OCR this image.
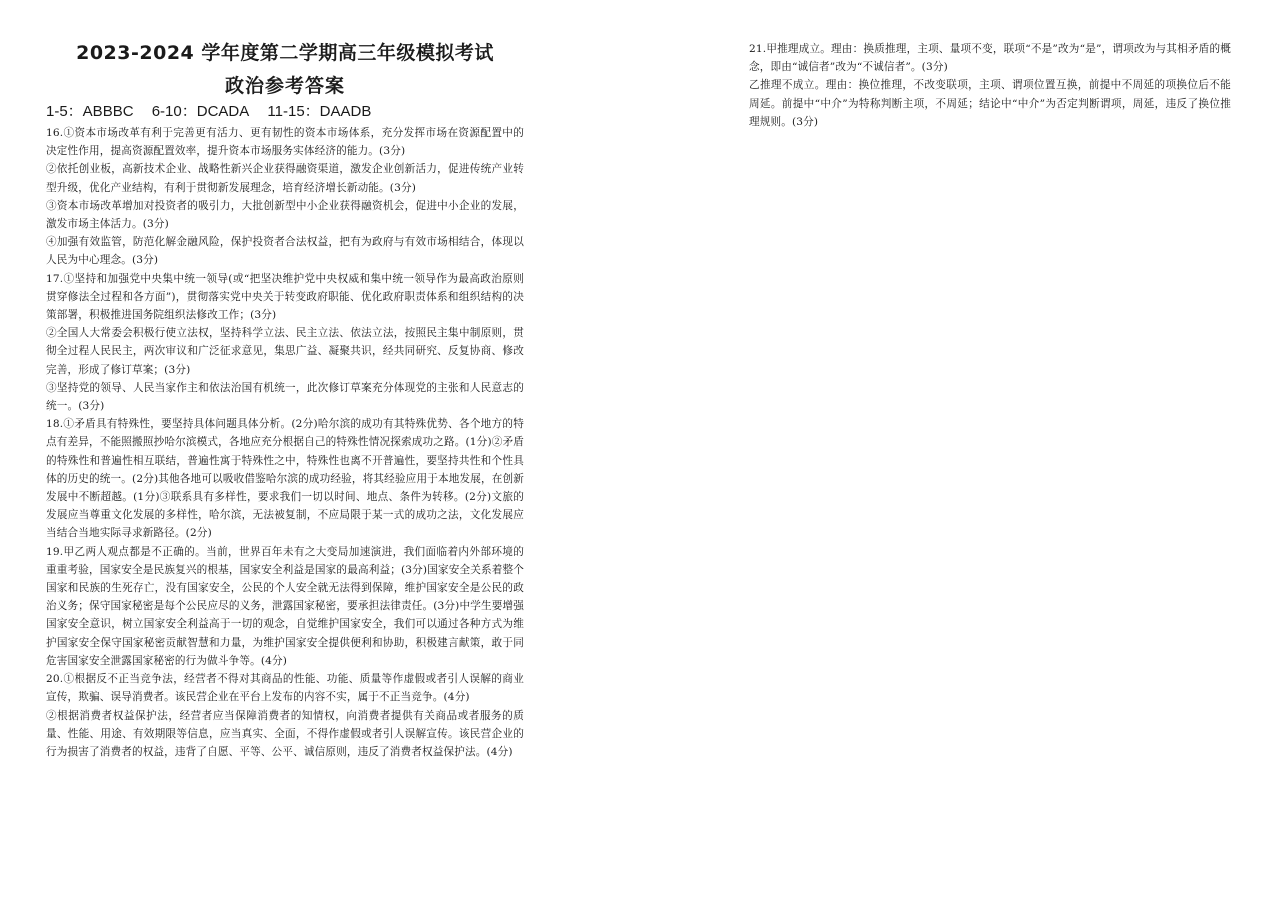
2023-2024 学年度第二学期高三年级模拟考试
政治参考答案
1-5：ABBBC 6-10：DCADA 11-15：DAADB

16.①资本市场改革有利于完善更有活力、更有韧性的资本市场体系，充分发挥市场在资源配置中的决定性作用，提高资源配置效率，提升资本市场服务实体经济的能力。(3分)

②依托创业板，高新技术企业、战略性新兴企业获得融资渠道，激发企业创新活力，促进传统产业转型升级，优化产业结构，有利于贯彻新发展理念，培育经济增长新动能。(3分)

③资本市场改革增加对投资者的吸引力，大批创新型中小企业获得融资机会，促进中小企业的发展，激发市场主体活力。(3分)

④加强有效监管，防范化解金融风险，保护投资者合法权益，把有为政府与有效市场相结合，体现以人民为中心理念。(3分)

17.①坚持和加强党中央集中统一领导(或“把坚决维护党中央权威和集中统一领导作为最高政治原则贯穿修法全过程和各方面”)，贯彻落实党中央关于转变政府职能、优化政府职责体系和组织结构的决策部署，积极推进国务院组织法修改工作；(3分)

②全国人大常委会积极行使立法权，坚持科学立法、民主立法、依法立法，按照民主集中制原则，贯彻全过程人民民主，两次审议和广泛征求意见，集思广益、凝聚共识，经共同研究、反复协商、修改完善，形成了修订草案；(3分)

③坚持党的领导、人民当家作主和依法治国有机统一，此次修订草案充分体现党的主张和人民意志的统一。(3分)

18.①矛盾具有特殊性，要坚持具体问题具体分析。(2分)哈尔滨的成功有其特殊优势、各个地方的特点有差异，不能照搬照抄哈尔滨模式，各地应充分根据自己的特殊性情况探索成功之路。(1分)②矛盾的特殊性和普遍性相互联结，普遍性寓于特殊性之中，特殊性也离不开普遍性，要坚持共性和个性具体的历史的统一。(2分)其他各地可以吸收借鉴哈尔滨的成功经验，将其经验应用于本地发展，在创新发展中不断超越。(1分)③联系具有多样性，要求我们一切以时间、地点、条件为转移。(2分)文旅的发展应当尊重文化发展的多样性，哈尔滨，无法被复制，不应局限于某一式的成功之法，文化发展应当结合当地实际寻求新路径。(2分)

19.甲乙两人观点都是不正确的。当前，世界百年未有之大变局加速演进，我们面临着内外部环境的重重考验，国家安全是民族复兴的根基，国家安全利益是国家的最高利益；(3分)国家安全关系着整个国家和民族的生死存亡，没有国家安全，公民的个人安全就无法得到保障，维护国家安全是公民的政治义务；保守国家秘密是每个公民应尽的义务，泄露国家秘密，要承担法律责任。(3分)中学生要增强国家安全意识，树立国家安全利益高于一切的观念，自觉维护国家安全，我们可以通过各种方式为维护国家安全保守国家秘密贡献智慧和力量，为维护国家安全提供便利和协助，积极建言献策，敢于同危害国家安全泄露国家秘密的行为做斗争等。(4分)

20.①根据反不正当竞争法，经营者不得对其商品的性能、功能、质量等作虚假或者引人误解的商业宣传，欺骗、误导消费者。该民营企业在平台上发布的内容不实，属于不正当竞争。(4分)

②根据消费者权益保护法，经营者应当保障消费者的知情权，向消费者提供有关商品或者服务的质量、性能、用途、有效期限等信息，应当真实、全面，不得作虚假或者引人误解宣传。该民营企业的行为损害了消费者的权益，违背了自愿、平等、公平、诚信原则，违反了消费者权益保护法。(4分)

21.甲推理成立。理由：换质推理，主项、量项不变，联项“不是”改为“是”，谓项改为与其相矛盾的概念，即由“诚信者”改为“不诚信者”。(3分)

乙推理不成立。理由：换位推理，不改变联项，主项、谓项位置互换，前提中不周延的项换位后不能周延。前提中“中介”为特称判断主项，不周延；结论中“中介”为否定判断谓项，周延，违反了换位推理规则。(3分)
